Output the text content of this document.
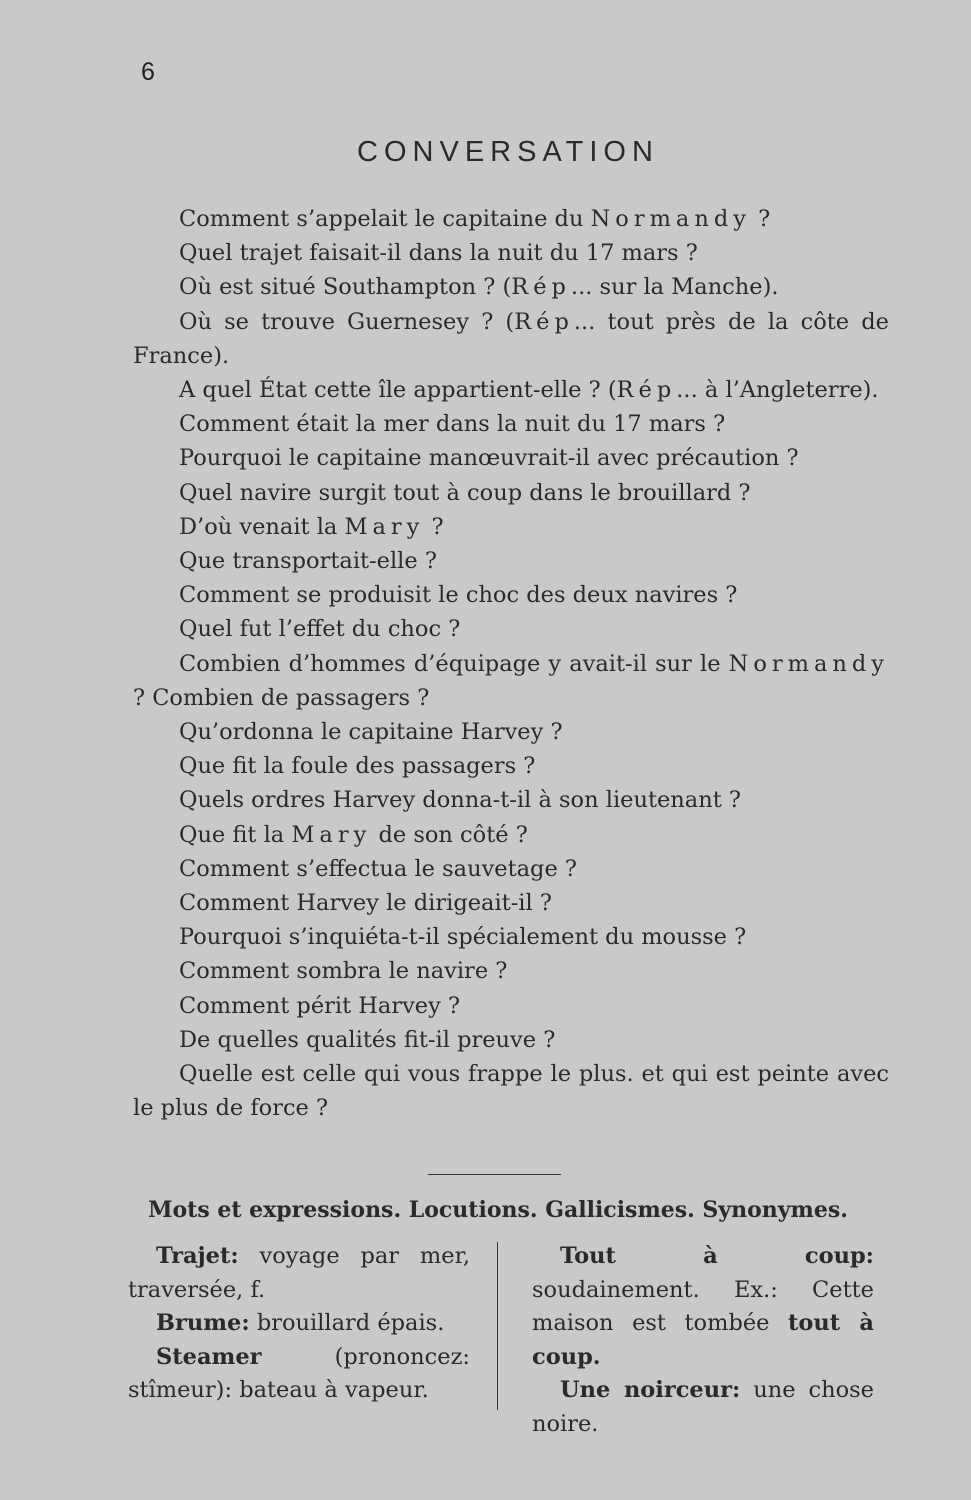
6
CONVERSATION
Comment s’appelait le capitaine du Normandy ?
Quel trajet faisait-il dans la nuit du 17 mars ?
Où est situé Southampton ? (Rép... sur la Manche).
Où se trouve Guernesey ? (Rép... tout près de la côte de France).
A quel État cette île appartient-elle ? (Rép... à l’Angleterre).
Comment était la mer dans la nuit du 17 mars ?
Pourquoi le capitaine manœuvrait-il avec précaution ?
Quel navire surgit tout à coup dans le brouillard ?
D’où venait la Mary ?
Que transportait-elle ?
Comment se produisit le choc des deux navires ?
Quel fut l’effet du choc ?
Combien d’hommes d’équipage y avait-il sur le Normandy ? Combien de passagers ?
Qu’ordonna le capitaine Harvey ?
Que fit la foule des passagers ?
Quels ordres Harvey donna-t-il à son lieutenant ?
Que fit la Mary de son côté ?
Comment s’effectua le sauvetage ?
Comment Harvey le dirigeait-il ?
Pourquoi s’inquiéta-t-il spécialement du mousse ?
Comment sombra le navire ?
Comment périt Harvey ?
De quelles qualités fit-il preuve ?
Quelle est celle qui vous frappe le plus. et qui est peinte avec le plus de force ?
Mots et expressions. Locutions. Gallicismes. Synonymes.
Trajet: voyage par mer, traversée, f.
Brume: brouillard épais.
Steamer (prononcez: stîmeur): bateau à vapeur.
Tout à coup: soudainement. Ex.: Cette maison est tombée tout à coup.
Une noirceur: une chose noire.
